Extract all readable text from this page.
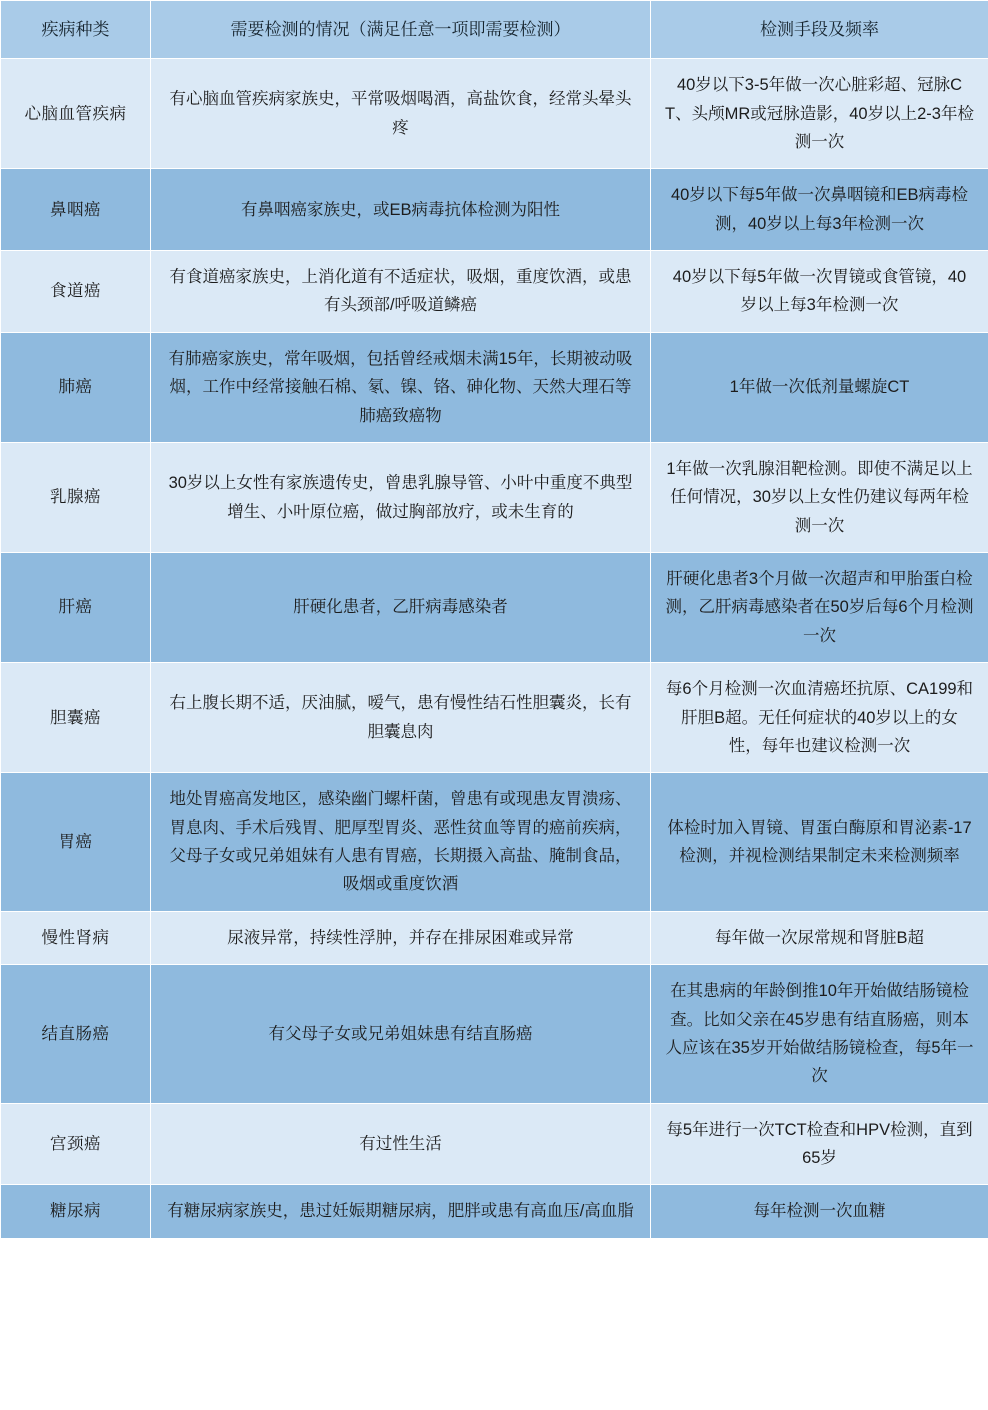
疾病种类	需要检测的情况（满足任意一项即需要检测）	检测手段及频率
心脑血管疾病	有心脑血管疾病家族史，平常吸烟喝酒，高盐饮食，经常头晕头疼	40岁以下3-5年做一次心脏彩超、冠脉CT、头颅MR或冠脉造影，40岁以上2-3年检测一次
鼻咽癌	有鼻咽癌家族史，或EB病毒抗体检测为阳性	40岁以下每5年做一次鼻咽镜和EB病毒检测，40岁以上每3年检测一次
食道癌	有食道癌家族史，上消化道有不适症状，吸烟，重度饮酒，或患有头颈部/呼吸道鳞癌	40岁以下每5年做一次胃镜或食管镜，40岁以上每3年检测一次
肺癌	有肺癌家族史，常年吸烟，包括曾经戒烟未满15年，长期被动吸烟，工作中经常接触石棉、氡、镍、铬、砷化物、天然大理石等肺癌致癌物	1年做一次低剂量螺旋CT
乳腺癌	30岁以上女性有家族遗传史，曾患乳腺导管、小叶中重度不典型增生、小叶原位癌，做过胸部放疗，或未生育的	1年做一次乳腺泪靶检测。即使不满足以上任何情况，30岁以上女性仍建议每两年检测一次
肝癌	肝硬化患者，乙肝病毒感染者	肝硬化患者3个月做一次超声和甲胎蛋白检测，乙肝病毒感染者在50岁后每6个月检测一次
胆囊癌	右上腹长期不适，厌油腻，嗳气，患有慢性结石性胆囊炎，长有胆囊息肉	每6个月检测一次血清癌坯抗原、CA199和肝胆B超。无任何症状的40岁以上的女性，每年也建议检测一次
胃癌	地处胃癌高发地区，感染幽门螺杆菌，曾患有或现患友胃溃疡、胃息肉、手术后残胃、肥厚型胃炎、恶性贫血等胃的癌前疾病，父母子女或兄弟姐妹有人患有胃癌，长期摄入高盐、腌制食品，吸烟或重度饮酒	体检时加入胃镜、胃蛋白酶原和胃泌素-17检测，并视检测结果制定未来检测频率
慢性肾病	尿液异常，持续性浮肿，并存在排尿困难或异常	每年做一次尿常规和肾脏B超
结直肠癌	有父母子女或兄弟姐妹患有结直肠癌	在其患病的年龄倒推10年开始做结肠镜检查。比如父亲在45岁患有结直肠癌，则本人应该在35岁开始做结肠镜检查，每5年一次
宫颈癌	有过性生活	每5年进行一次TCT检查和HPV检测，直到65岁
糖尿病	有糖尿病家族史，患过妊娠期糖尿病，肥胖或患有高血压/高血脂	每年检测一次血糖
